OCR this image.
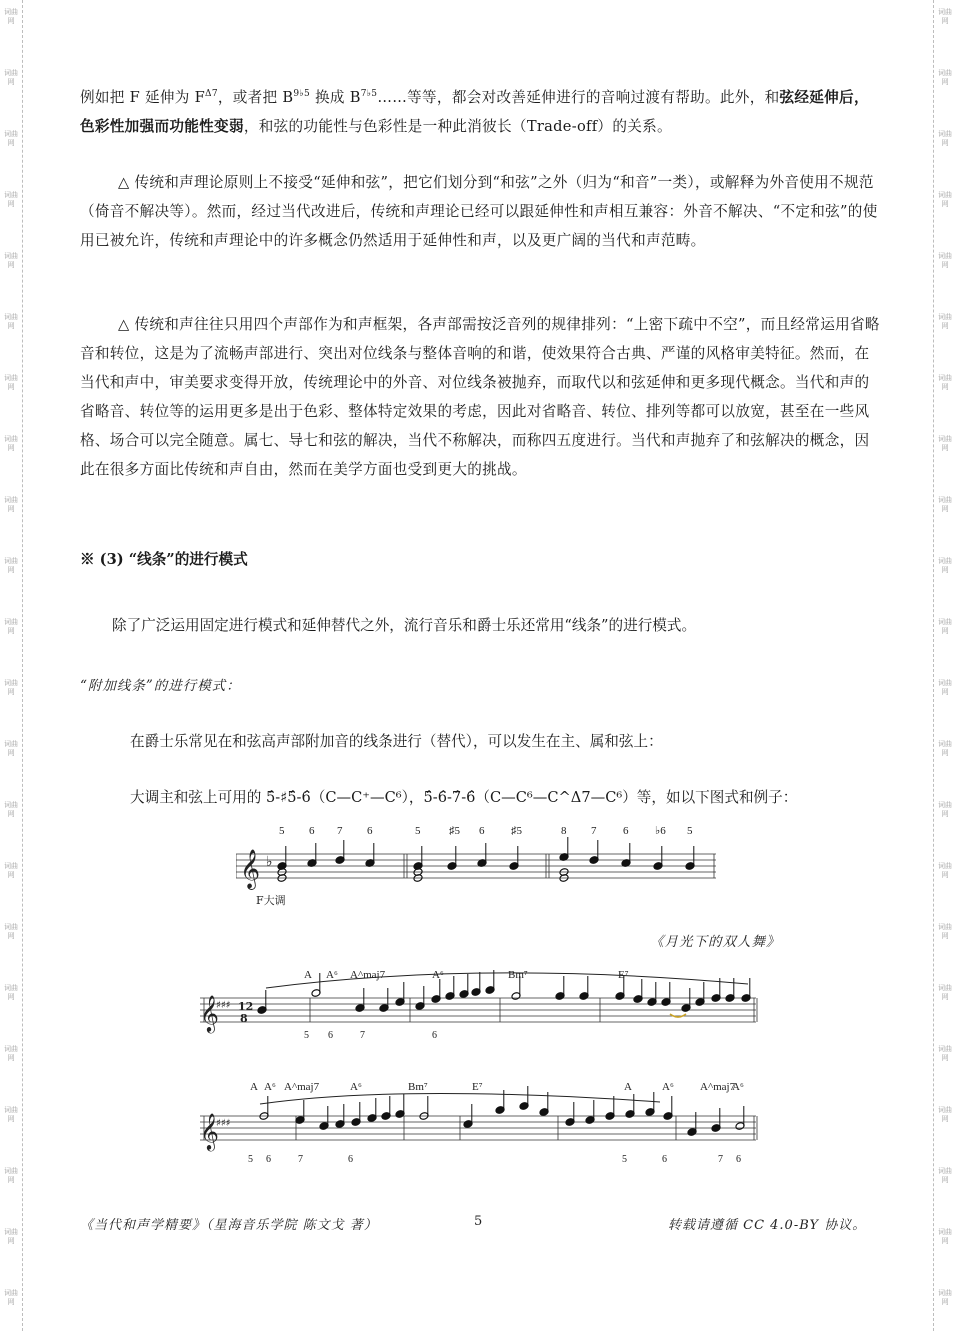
词曲网
词曲网
词曲网
词曲网
词曲网
词曲网
词曲网
词曲网
词曲网
词曲网
词曲网
词曲网
词曲网
词曲网
词曲网
词曲网
词曲网
词曲网
词曲网
词曲网
词曲网
词曲网
词曲网
词曲网
词曲网
词曲网
词曲网
词曲网
词曲网
词曲网
词曲网
词曲网
词曲网
词曲网
词曲网
词曲网
词曲网
词曲网
词曲网
词曲网
词曲网
词曲网
词曲网
词曲网

例如把 F 延伸为 $F^{\Delta 7}$，或者把 $B^{9♭5}$ 换成 $B^{7♭5}\dots\dots$等等，都会对改善延伸进行的音响过渡有帮助。此外，和弦经延伸后，色彩性加强而功能性变弱，和弦的功能性与色彩性是一种此消彼长（Trade-off）的关系。

△ 传统和声理论原则上不接受“延伸和弦”，把它们划分到“和弦”之外（归为“和音”一类），或解释为外音使用不规范（倚音不解决等）。然而，经过当代改进后，传统和声理论已经可以跟延伸性和声相互兼容：外音不解决、“不定和弦”的使用已被允许，传统和声理论中的许多概念仍然适用于延伸性和声，以及更广阔的当代和声范畴。

△ 传统和声往往只用四个声部作为和声框架，各声部需按泛音列的规律排列：“上密下疏中不空”，而且经常运用省略音和转位，这是为了流畅声部进行、突出对位线条与整体音响的和谐，使效果符合古典、严谨的风格审美特征。然而，在当代和声中，审美要求变得开放，传统理论中的外音、对位线条被抛弃，而取代以和弦延伸和更多现代概念。当代和声的省略音、转位等的运用更多是出于色彩、整体特定效果的考虑，因此对省略音、转位、排列等都可以放宽，甚至在一些风格、场合可以完全随意。属七、导七和弦的解决，当代不称解决，而称四五度进行。当代和声抛弃了和弦解决的概念，因此在很多方面比传统和声自由，然而在美学方面也受到更大的挑战。

※ (3) “线条”的进行模式

除了广泛运用固定进行模式和延伸替代之外，流行音乐和爵士乐还常用“线条”的进行模式。

“附加线条”的进行模式：

在爵士乐常见在和弦高声部附加音的线条进行（替代），可以发生在主、属和弦上：

大调主和弦上可用的 5̂-♯5̂-6̂（C—C⁺—C⁶），5̂-6̂-7̂-6̂（C—C⁶—C^Δ7—C⁶）等，如以下图式和例子：

𝄞 ♭
5 6 7 6	5	♯5 6 ♯5	8 7 6 ♭6 5
F大调

《月光下的双人舞》

A A⁶ A^maj7	A⁶	Bm⁷	E⁷
𝄞
♯♯♯ 12
8
5 6	7	6
A A⁶ A^maj7	A⁶	Bm⁷	E⁷	A	A⁶ A^maj7
A⁶
𝄞
♯♯♯
5 6	7	6	5	6	7 6
《当代和声学精要》（星海音乐学院 陈文戈 著）	5	转载请遵循 CC 4.0-BY 协议。
